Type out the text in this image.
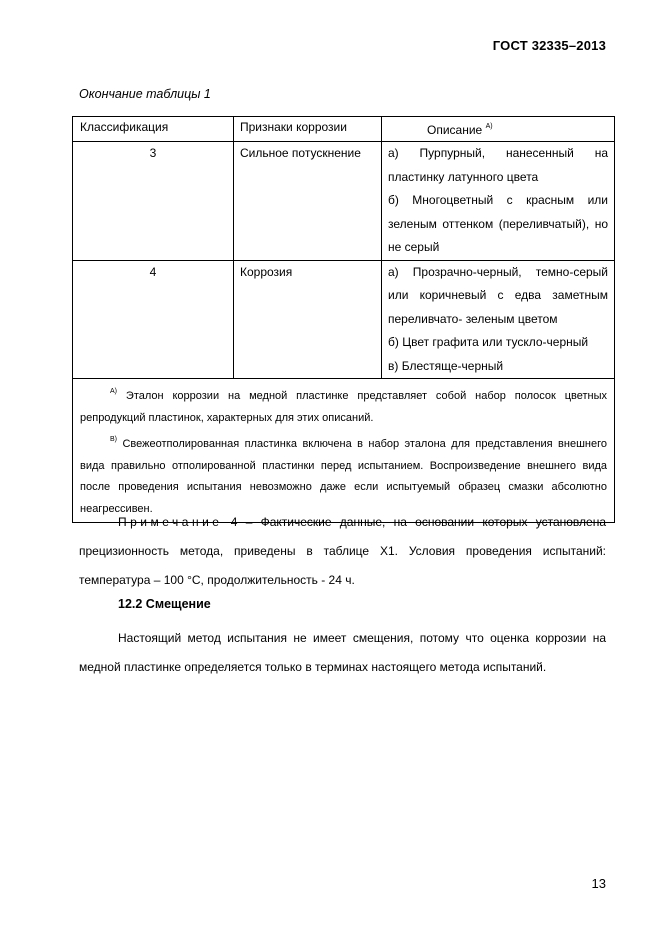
ГОСТ 32335–2013
Окончание таблицы 1
Классификация	Признаки коррозии	Описание $^{А)}$
3	Сильное потускнение	а) Пурпурный, нанесенный на пластинку латунного цвета

б) Многоцветный с красным или зеленым оттенком (переливчатый), но не серый

4	Коррозия	а) Прозрачно-черный, темно-серый или коричневый с едва заметным переливчато- зеленым цветом

б) Цвет графита или тускло-черный

в) Блестяще-черный

$^{А)}$ Эталон коррозии на медной пластинке представляет собой набор полосок цветных репродукций пластинок, характерных для этих описаний.

$^{В)}$ Свежеотполированная пластинка включена в набор эталона для представления внешнего вида правильно отполированной пластинки перед испытанием. Воспроизведение внешнего вида после проведения испытания невозможно даже если испытуемый образец смазки абсолютно неагрессивен.		

Примечание 4 – Фактические данные, на основании которых установлена прецизионность метода, приведены в таблице Х1. Условия проведения испытаний: температура – 100 °С, продолжительность - 24 ч.
12.2 Смещение
Настоящий метод испытания не имеет смещения, потому что оценка коррозии на медной пластинке определяется только в терминах настоящего метода испытаний.
13
